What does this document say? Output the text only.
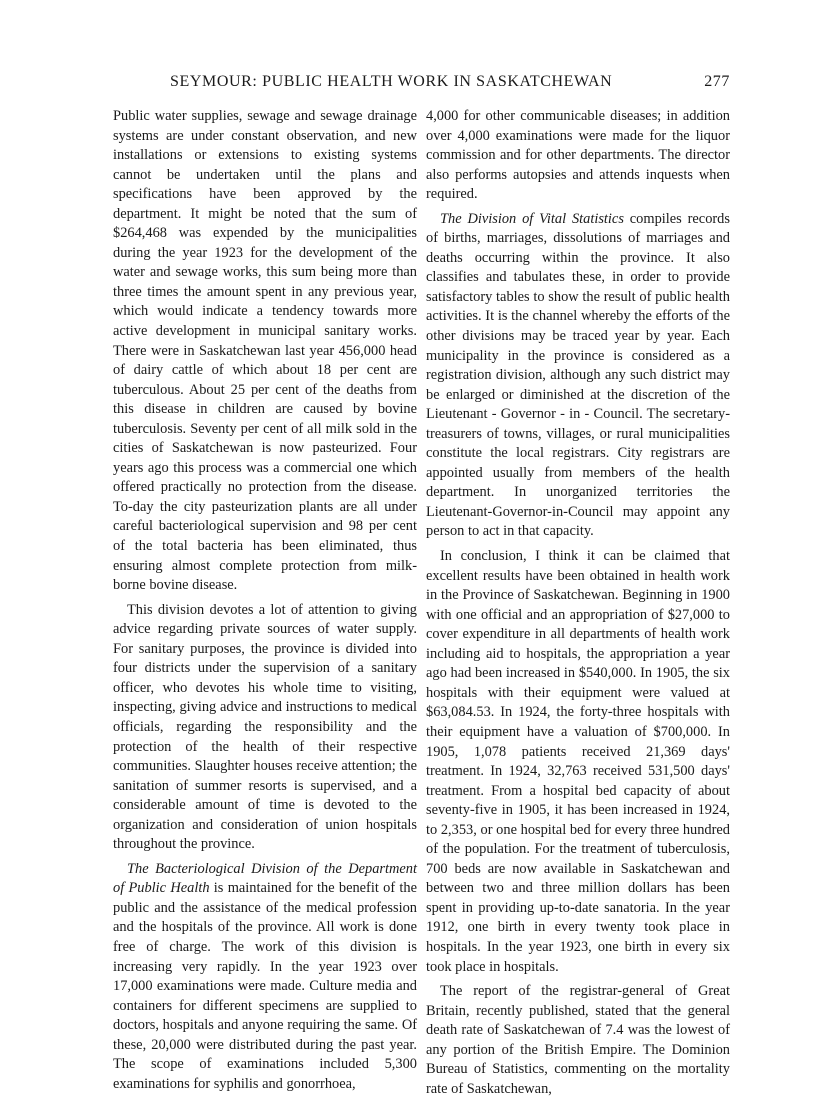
SEYMOUR: PUBLIC HEALTH WORK IN SASKATCHEWAN	277

Public water supplies, sewage and sewage drainage systems are under constant observation, and new installations or extensions to existing systems cannot be undertaken until the plans and specifications have been approved by the department. It might be noted that the sum of $264,468 was expended by the municipalities during the year 1923 for the development of the water and sewage works, this sum being more than three times the amount spent in any previous year, which would indicate a tendency towards more active development in municipal sanitary works. There were in Saskatchewan last year 456,000 head of dairy cattle of which about 18 per cent are tuberculous. About 25 per cent of the deaths from this disease in children are caused by bovine tuberculosis. Seventy per cent of all milk sold in the cities of Saskatchewan is now pasteurized. Four years ago this process was a commercial one which offered practically no protection from the disease. To-day the city pasteurization plants are all under careful bacteriological supervision and 98 per cent of the total bacteria has been eliminated, thus ensuring almost complete protection from milk-borne bovine disease.

This division devotes a lot of attention to giving advice regarding private sources of water supply. For sanitary purposes, the province is divided into four districts under the supervision of a sanitary officer, who devotes his whole time to visiting, inspecting, giving advice and instructions to medical officials, regarding the responsibility and the protection of the health of their respective communities. Slaughter houses receive attention; the sanitation of summer resorts is supervised, and a considerable amount of time is devoted to the organization and consideration of union hospitals throughout the province.

The Bacteriological Division of the Department of Public Health is maintained for the benefit of the public and the assistance of the medical profession and the hospitals of the province. All work is done free of charge. The work of this division is increasing very rapidly. In the year 1923 over 17,000 examinations were made. Culture media and containers for different specimens are supplied to doctors, hospitals and anyone requiring the same. Of these, 20,000 were distributed during the past year. The scope of examinations included 5,300 examinations for syphilis and gonorrhoea,

4,000 for other communicable diseases; in addition over 4,000 examinations were made for the liquor commission and for other departments. The director also performs autopsies and attends inquests when required.

The Division of Vital Statistics compiles records of births, marriages, dissolutions of marriages and deaths occurring within the province. It also classifies and tabulates these, in order to provide satisfactory tables to show the result of public health activities. It is the channel whereby the efforts of the other divisions may be traced year by year. Each municipality in the province is considered as a registration division, although any such district may be enlarged or diminished at the discretion of the Lieutenant - Governor - in - Council. The secretary-treasurers of towns, villages, or rural municipalities constitute the local registrars. City registrars are appointed usually from members of the health department. In unorganized territories the Lieutenant-Governor-in-Council may appoint any person to act in that capacity.

In conclusion, I think it can be claimed that excellent results have been obtained in health work in the Province of Saskatchewan. Beginning in 1900 with one official and an appropriation of $27,000 to cover expenditure in all departments of health work including aid to hospitals, the appropriation a year ago had been increased in $540,000. In 1905, the six hospitals with their equipment were valued at $63,084.53. In 1924, the forty-three hospitals with their equipment have a valuation of $700,000. In 1905, 1,078 patients received 21,369 days' treatment. In 1924, 32,763 received 531,500 days' treatment. From a hospital bed capacity of about seventy-five in 1905, it has been increased in 1924, to 2,353, or one hospital bed for every three hundred of the population. For the treatment of tuberculosis, 700 beds are now available in Saskatchewan and between two and three million dollars has been spent in providing up-to-date sanatoria. In the year 1912, one birth in every twenty took place in hospitals. In the year 1923, one birth in every six took place in hospitals.

The report of the registrar-general of Great Britain, recently published, stated that the general death rate of Saskatchewan of 7.4 was the lowest of any portion of the British Empire. The Dominion Bureau of Statistics, commenting on the mortality rate of Saskatchewan,
